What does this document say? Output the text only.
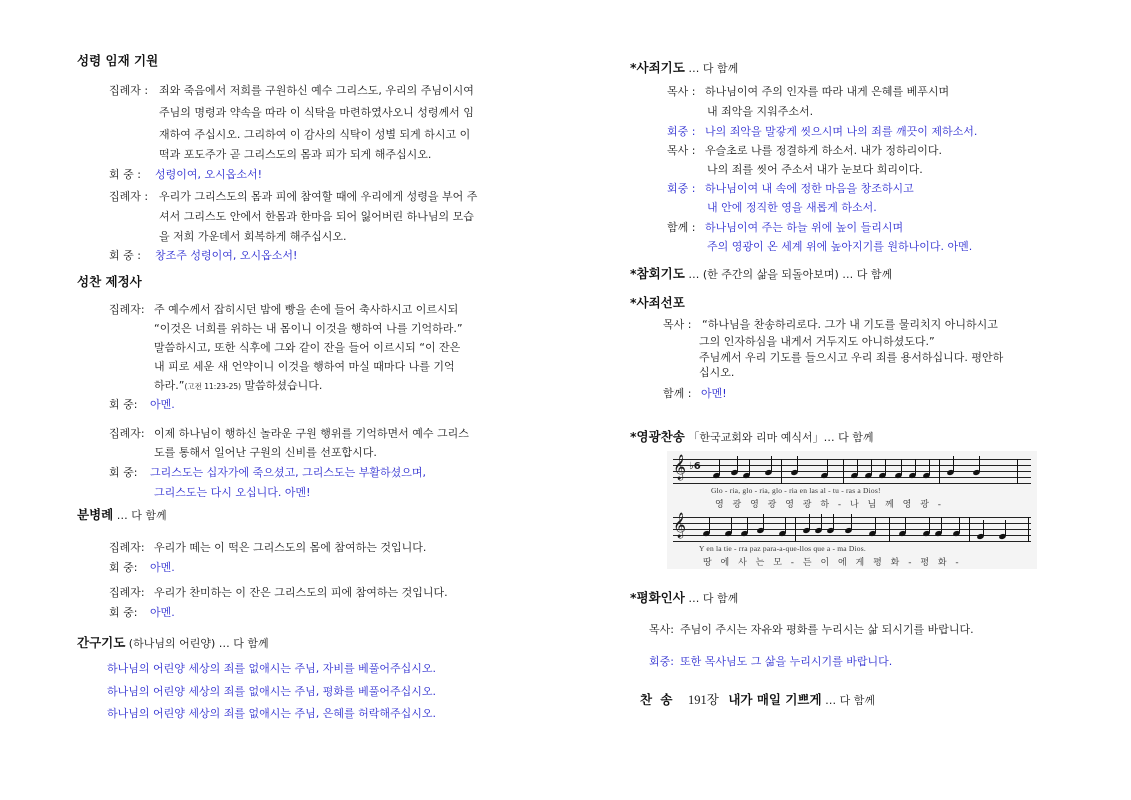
성령 임재 기원
집례자 : 죄와 죽음에서 저희를 구원하신 예수 그리스도, 우리의 주님이시여
주님의 명령과 약속을 따라 이 식탁을 마련하였사오니 성령께서 임
재하여 주십시오. 그리하여 이 감사의 식탁이 성별 되게 하시고 이
떡과 포도주가 곧 그리스도의 몸과 피가 되게 해주십시오.
회 중 : 성령이여, 오시옵소서!
집례자 : 우리가 그리스도의 몸과 피에 참여할 때에 우리에게 성령을 부어 주
셔서 그리스도 안에서 한몸과 한마음 되어 잃어버린 하나님의 모습
을 저희 가운데서 회복하게 해주십시오.
회 중 : 창조주 성령이여, 오시옵소서!
성찬 제정사
집례자: 주 예수께서 잡히시던 밤에 빵을 손에 들어 축사하시고 이르시되
“이것은 너희를 위하는 내 몸이니 이것을 행하여 나를 기억하라.”
말씀하시고, 또한 식후에 그와 같이 잔을 들어 이르시되 “이 잔은
내 피로 세운 새 언약이니 이것을 행하여 마실 때마다 나를 기억
하라.”(고전 11:23-25) 말씀하셨습니다.
회 중: 아멘.
집례자: 이제 하나님이 행하신 놀라운 구원 행위를 기억하면서 예수 그리스
도를 통해서 일어난 구원의 신비를 선포합시다.
회 중: 그리스도는 십자가에 죽으셨고, 그리스도는 부활하셨으며,
그리스도는 다시 오십니다. 아멘!
분병례 … 다 함께
집례자: 우리가 떼는 이 떡은 그리스도의 몸에 참여하는 것입니다.
회 중: 아멘.
집례자: 우리가 찬미하는 이 잔은 그리스도의 피에 참여하는 것입니다.
회 중: 아멘.
간구기도 (하나님의 어린양) … 다 함께
하나님의 어린양 세상의 죄를 없애시는 주님, 자비를 베풀어주십시오.
하나님의 어린양 세상의 죄를 없애시는 주님, 평화를 베풀어주십시오.
하나님의 어린양 세상의 죄를 없애시는 주님, 은혜를 허락해주십시오.
*사죄기도 … 다 함께
목사 : 하나님이여 주의 인자를 따라 내게 은혜를 베푸시며
내 죄악을 지워주소서.
회중 : 나의 죄악을 말갛게 씻으시며 나의 죄를 깨끗이 제하소서.
목사 : 우슬초로 나를 정결하게 하소서. 내가 정하리이다.
나의 죄를 씻어 주소서 내가 눈보다 희리이다.
회중 : 하나님이여 내 속에 정한 마음을 창조하시고
내 안에 정직한 영을 새롭게 하소서.
함께 : 하나님이여 주는 하늘 위에 높이 들리시며
주의 영광이 온 세계 위에 높아지기를 원하나이다. 아멘.
*참회기도 … (한 주간의 삶을 되돌아보며) … 다 함께
*사죄선포
목사 : “하나님을 찬송하리로다. 그가 내 기도를 물리치지 아니하시고
그의 인자하심을 내게서 거두지도 아니하셨도다.”
주님께서 우리 기도를 들으시고 우리 죄를 용서하십니다. 평안하
십시오.
함께 : 아멘!
*영광찬송 「한국교회와 리마 예식서」… 다 함께
𝄞 ♭6

Glo - ria, glo - ria, glo - ria en las al - tu - ras a Dios!
영 광 영 광 영 광 하 - 나 님 께 영 광 -
𝄞
Y en la tie - rra paz para-a-que-llos que a - ma Dios.
땅 에 사 는 모 - 든 이 에 게 평 화 - 평 화 -
*평화인사 … 다 함께
목사: 주님이 주시는 자유와 평화를 누리시는 삶 되시기를 바랍니다.
회중: 또한 목사님도 그 삶을 누리시기를 바랍니다.
찬 송 191장 내가 매일 기쁘게 … 다 함께
